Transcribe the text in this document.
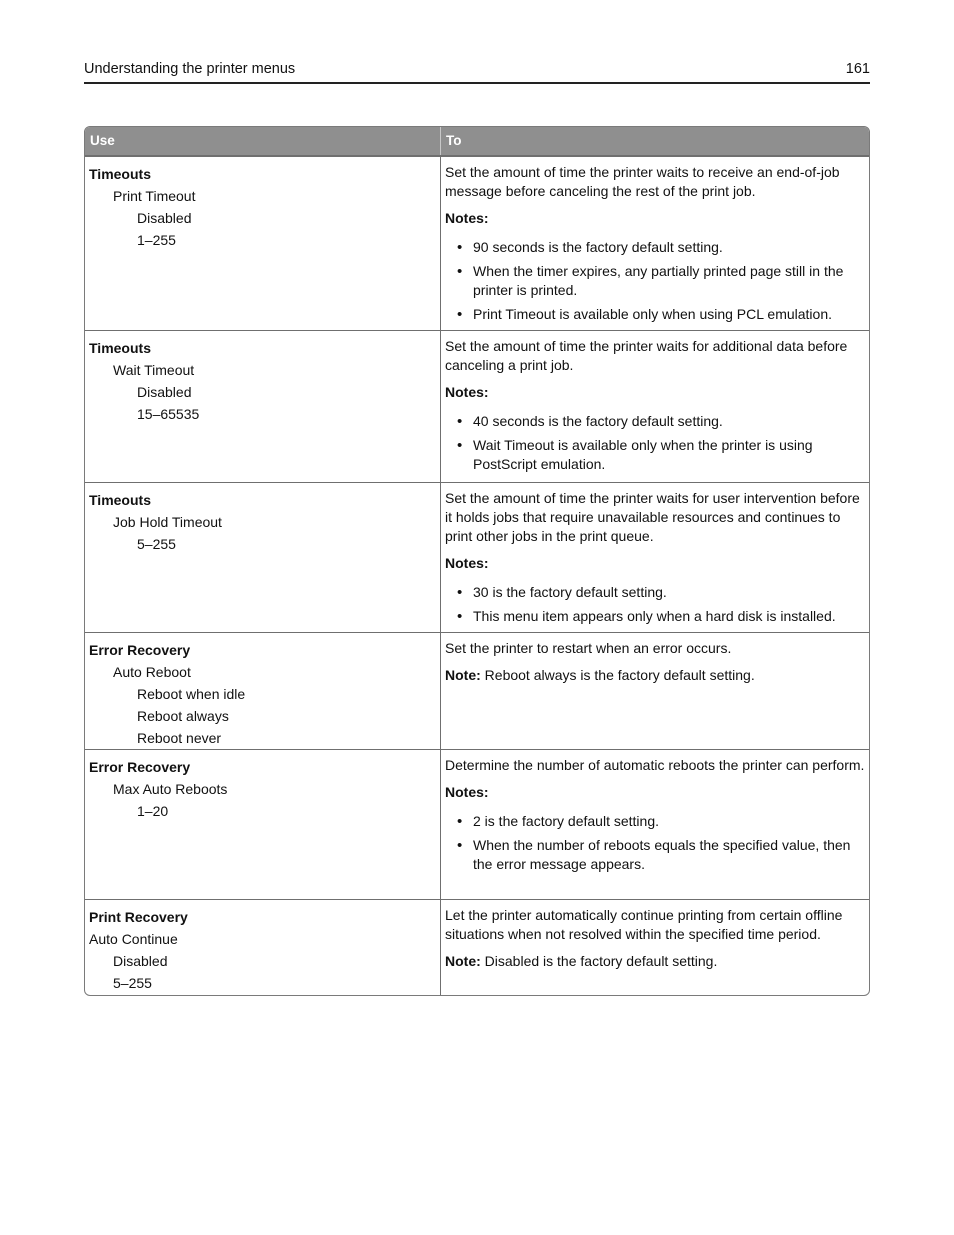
Understanding the printer menus	161
Use	To
Timeouts
Print Timeout
Disabled
1–255

Set the amount of time the printer waits to receive an end-of-job message before canceling the rest of the print job.

Notes:

• 90 seconds is the factory default setting.
• When the timer expires, any partially printed page still in the printer is printed.
• Print Timeout is available only when using PCL emulation.
Timeouts
Wait Timeout
Disabled
15–65535

Set the amount of time the printer waits for additional data before canceling a print job.

Notes:

• 40 seconds is the factory default setting.
• Wait Timeout is available only when the printer is using PostScript emulation.
Timeouts
Job Hold Timeout
5–255

Set the amount of time the printer waits for user intervention before it holds jobs that require unavailable resources and continues to print other jobs in the print queue.

Notes:

• 30 is the factory default setting.
• This menu item appears only when a hard disk is installed.
Error Recovery
Auto Reboot
Reboot when idle
Reboot always
Reboot never

Set the printer to restart when an error occurs.

Note: Reboot always is the factory default setting.

Error Recovery
Max Auto Reboots
1–20

Determine the number of automatic reboots the printer can perform.

Notes:

• 2 is the factory default setting.
• When the number of reboots equals the specified value, then the error message appears.
Print Recovery
Auto Continue
Disabled
5–255

Let the printer automatically continue printing from certain offline situations when not resolved within the specified time period.

Note: Disabled is the factory default setting.
